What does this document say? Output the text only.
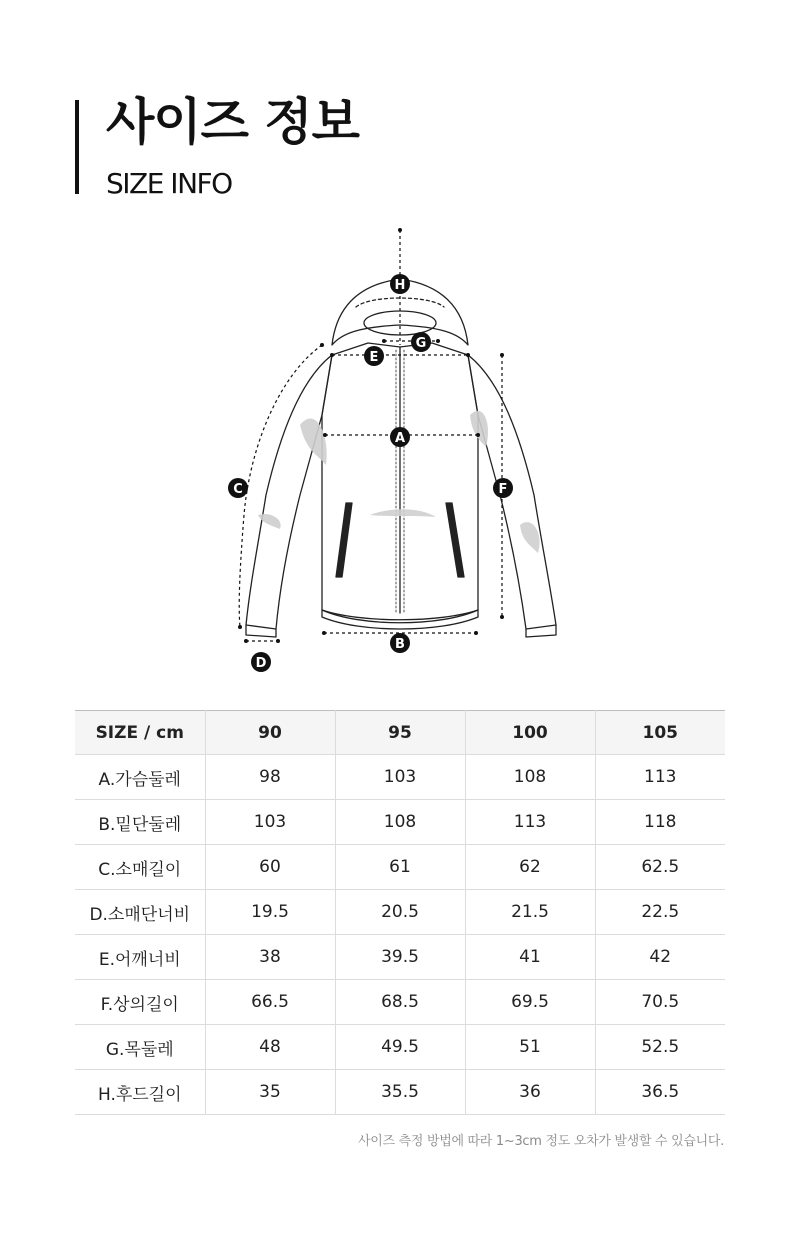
사이즈 정보
SIZE INFO
A
B
C
D
E
F
G
H
SIZE / cm	90	95	100	105
A.가슴둘레	98	103	108	113
B.밑단둘레	103	108	113	118
C.소매길이	60	61	62	62.5
D.소매단너비	19.5	20.5	21.5	22.5
E.어깨너비	38	39.5	41	42
F.상의길이	66.5	68.5	69.5	70.5
G.목둘레	48	49.5	51	52.5
H.후드길이	35	35.5	36	36.5
사이즈 측정 방법에 따라 1~3cm 정도 오차가 발생할 수 있습니다.
